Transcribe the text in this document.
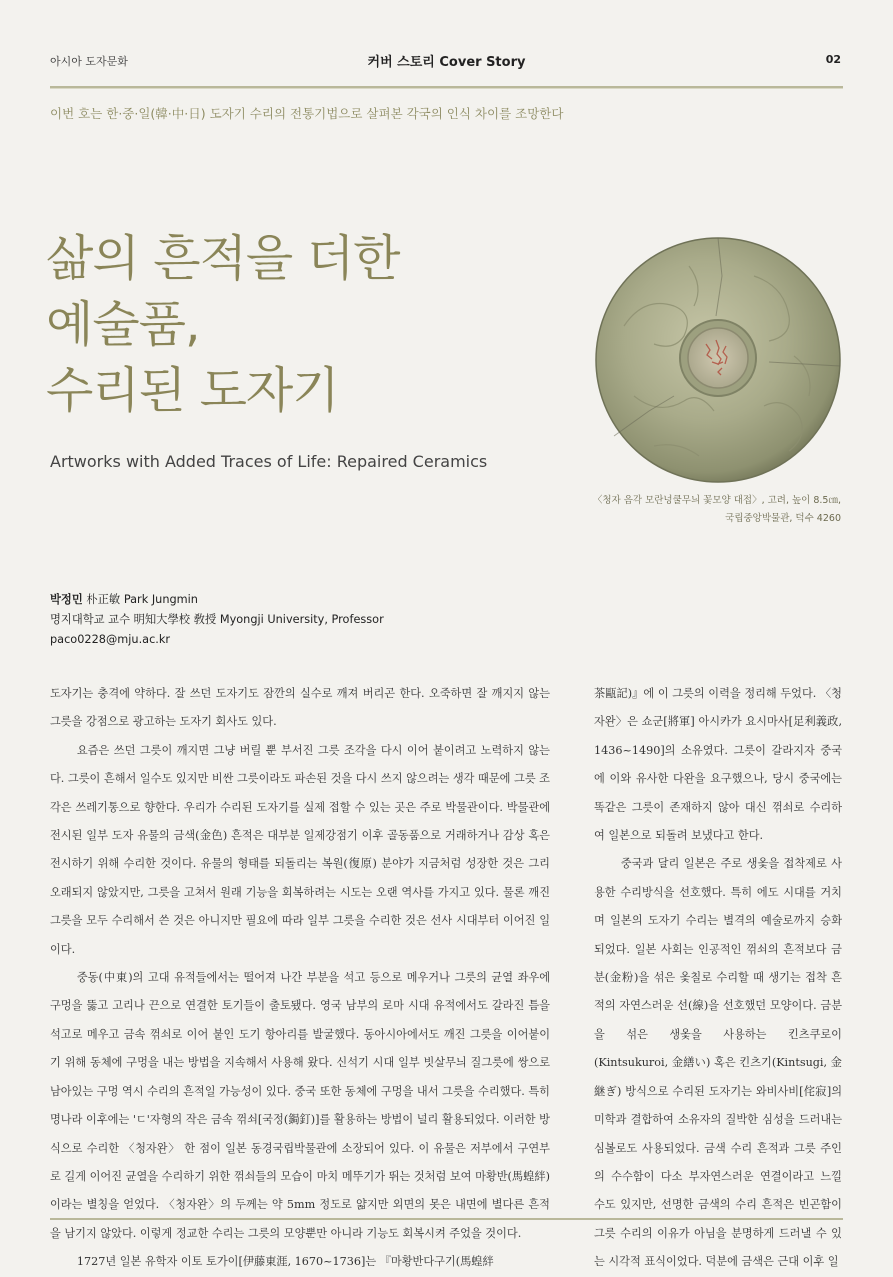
아시아 도자문화	커버 스토리 Cover Story	02
이번 호는 한·중·일(韓·中·日) 도자기 수리의 전통기법으로 살펴본 각국의 인식 차이를 조망한다
삶의 흔적을 더한
예술품,
수리된 도자기
Artworks with Added Traces of Life: Repaired Ceramics
〈청자 음각 모란넝쿨무늬 꽃모양 대접〉, 고려, 높이 8.5㎝,
국립중앙박물관, 덕수 4260
박정민 朴正敏 Park Jungmin
명지대학교 교수 明知大學校 敎授 Myongji University, Professor
paco0228@mju.ac.kr

도자기는 충격에 약하다. 잘 쓰던 도자기도 잠깐의 실수로 깨져 버리곤 한다. 오죽하면 잘 깨지지 않는 그릇을 강점으로 광고하는 도자기 회사도 있다.

요즘은 쓰던 그릇이 깨지면 그냥 버릴 뿐 부서진 그릇 조각을 다시 이어 붙이려고 노력하지 않는다. 그릇이 흔해서 일수도 있지만 비싼 그릇이라도 파손된 것을 다시 쓰지 않으려는 생각 때문에 그릇 조각은 쓰레기통으로 향한다. 우리가 수리된 도자기를 실제 접할 수 있는 곳은 주로 박물관이다. 박물관에 전시된 일부 도자 유물의 금색(金色) 흔적은 대부분 일제강점기 이후 골동품으로 거래하거나 감상 혹은 전시하기 위해 수리한 것이다. 유물의 형태를 되돌리는 복원(復原) 분야가 지금처럼 성장한 것은 그리 오래되지 않았지만, 그릇을 고쳐서 원래 기능을 회복하려는 시도는 오랜 역사를 가지고 있다. 물론 깨진 그릇을 모두 수리해서 쓴 것은 아니지만 필요에 따라 일부 그릇을 수리한 것은 선사 시대부터 이어진 일이다.

중동(中東)의 고대 유적들에서는 떨어져 나간 부분을 석고 등으로 메우거나 그릇의 균열 좌우에 구멍을 뚫고 고리나 끈으로 연결한 토기들이 출토됐다. 영국 남부의 로마 시대 유적에서도 갈라진 틈을 석고로 메우고 금속 꺾쇠로 이어 붙인 도기 항아리를 발굴했다. 동아시아에서도 깨진 그릇을 이어붙이기 위해 동체에 구멍을 내는 방법을 지속해서 사용해 왔다. 신석기 시대 일부 빗살무늬 질그릇에 쌍으로 남아있는 구멍 역시 수리의 흔적일 가능성이 있다. 중국 또한 동체에 구멍을 내서 그릇을 수리했다. 특히 명나라 이후에는 'ㄷ'자형의 작은 금속 꺾쇠[국정(鋦釘)]를 활용하는 방법이 널리 활용되었다. 이러한 방식으로 수리한 〈청자완〉 한 점이 일본 동경국립박물관에 소장되어 있다. 이 유물은 저부에서 구연부로 길게 이어진 균열을 수리하기 위한 꺾쇠들의 모습이 마치 메뚜기가 뛰는 것처럼 보여 마황반(馬蝗絆)이라는 별칭을 얻었다. 〈청자완〉의 두께는 약 5mm 정도로 얇지만 외면의 못은 내면에 별다른 흔적을 남기지 않았다. 이렇게 정교한 수리는 그릇의 모양뿐만 아니라 기능도 회복시켜 주었을 것이다.

1727년 일본 유학자 이토 토가이[伊藤東涯, 1670~1736]는 『마황반다구기(馬蝗絆

茶甌記)』에 이 그릇의 이력을 정리해 두었다. 〈청자완〉은 쇼군[將軍] 아시카가 요시마사[足利義政, 1436~1490]의 소유였다. 그릇이 갈라지자 중국에 이와 유사한 다완을 요구했으나, 당시 중국에는 똑같은 그릇이 존재하지 않아 대신 꺾쇠로 수리하여 일본으로 되돌려 보냈다고 한다.

중국과 달리 일본은 주로 생옻을 접착제로 사용한 수리방식을 선호했다. 특히 에도 시대를 거치며 일본의 도자기 수리는 별격의 예술로까지 승화되었다. 일본 사회는 인공적인 꺾쇠의 흔적보다 금분(金粉)을 섞은 옻칠로 수리할 때 생기는 접착 흔적의 자연스러운 선(線)을 선호했던 모양이다. 금분을 섞은 생옻을 사용하는 킨츠쿠로이(Kintsukuroi, 金繕い) 혹은 킨츠기(Kintsugi, 金継ぎ) 방식으로 수리된 도자기는 와비사비[侘寂]의 미학과 결합하여 소유자의 질박한 심성을 드러내는 심볼로도 사용되었다. 금색 수리 흔적과 그릇 주인의 수수함이 다소 부자연스러운 연결이라고 느낄 수도 있지만, 선명한 금색의 수리 흔적은 빈곤함이 그릇 수리의 이유가 아님을 분명하게 드러낼 수 있는 시각적 표식이었다. 덕분에 금색은 근대 이후 일
